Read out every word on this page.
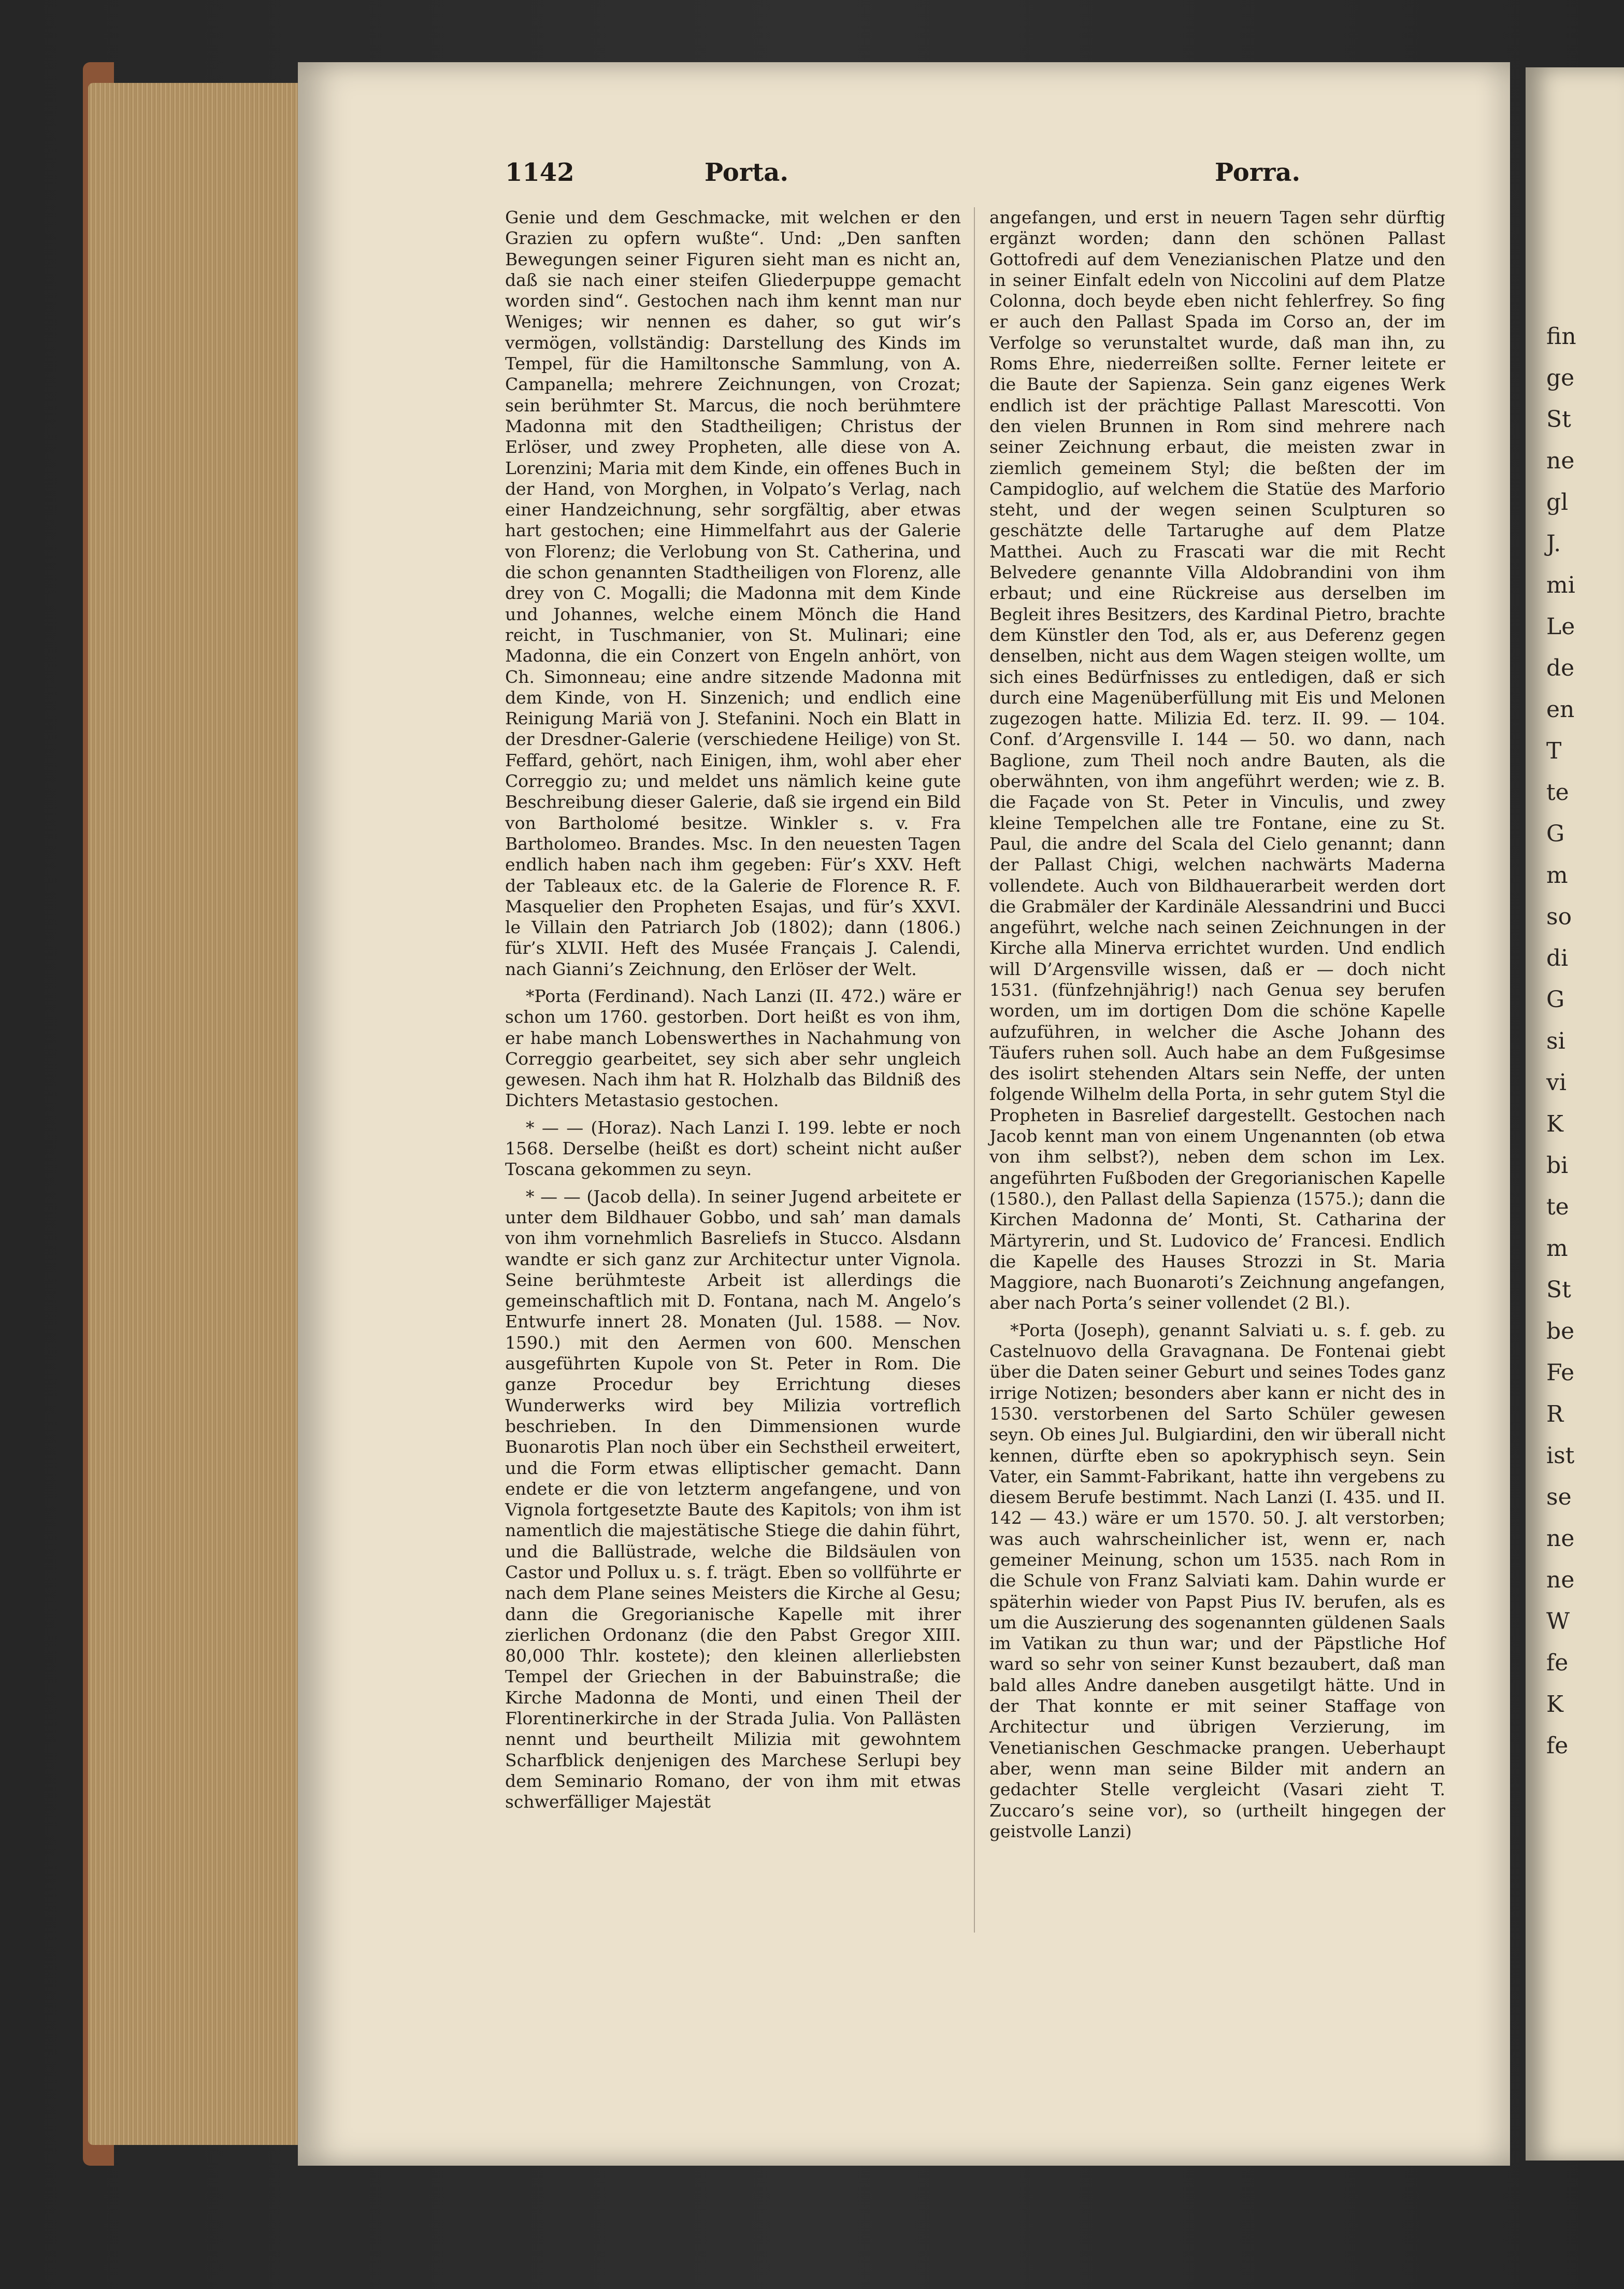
fin
ge
St
ne
gl
J.
mi
Le
de
en
T
te
G
m
so
di
G
si
vi
K
bi
te
m
St
be
Fe
R
ist
se
ne
ne
W
fe
K
fe
1142	Porta.	Porra.

Genie und dem Geschmacke, mit welchen er den Grazien zu opfern wußte“. Und: „Den sanften Bewegungen seiner Figuren sieht man es nicht an, daß sie nach einer steifen Gliederpuppe gemacht worden sind“. Gestochen nach ihm kennt man nur Weniges; wir nennen es daher, so gut wir’s vermögen, vollständig: Darstellung des Kinds im Tempel, für die Hamiltonsche Sammlung, von A. Campanella; mehrere Zeichnungen, von Crozat; sein berühmter St. Marcus, die noch berühmtere Madonna mit den Stadtheiligen; Christus der Erlöser, und zwey Propheten, alle diese von A. Lorenzini; Maria mit dem Kinde, ein offenes Buch in der Hand, von Morghen, in Volpato’s Verlag, nach einer Handzeichnung, sehr sorgfältig, aber etwas hart gestochen; eine Himmelfahrt aus der Galerie von Florenz; die Verlobung von St. Catherina, und die schon genannten Stadtheiligen von Florenz, alle drey von C. Mogalli; die Madonna mit dem Kinde und Johannes, welche einem Mönch die Hand reicht, in Tuschmanier, von St. Mulinari; eine Madonna, die ein Conzert von Engeln anhört, von Ch. Simonneau; eine andre sitzende Madonna mit dem Kinde, von H. Sinzenich; und endlich eine Reinigung Mariä von J. Stefanini. Noch ein Blatt in der Dresdner-Galerie (verschiedene Heilige) von St. Feffard, gehört, nach Einigen, ihm, wohl aber eher Correggio zu; und meldet uns nämlich keine gute Beschreibung dieser Galerie, daß sie irgend ein Bild von Bartholomé besitze. Winkler s. v. Fra Bartholomeo. Brandes. Msc. In den neuesten Tagen endlich haben nach ihm gegeben: Für’s XXV. Heft der Tableaux etc. de la Galerie de Florence R. F. Masquelier den Propheten Esajas, und für’s XXVI. le Villain den Patriarch Job (1802); dann (1806.) für’s XLVII. Heft des Musée Français J. Calendi, nach Gianni’s Zeichnung, den Erlöser der Welt.

*Porta (Ferdinand). Nach Lanzi (II. 472.) wäre er schon um 1760. gestorben. Dort heißt es von ihm, er habe manch Lobenswerthes in Nachahmung von Correggio gearbeitet, sey sich aber sehr ungleich gewesen. Nach ihm hat R. Holzhalb das Bildniß des Dichters Metastasio gestochen.

* — — (Horaz). Nach Lanzi I. 199. lebte er noch 1568. Derselbe (heißt es dort) scheint nicht außer Toscana gekommen zu seyn.

* — — (Jacob della). In seiner Jugend arbeitete er unter dem Bildhauer Gobbo, und sah’ man damals von ihm vornehmlich Basreliefs in Stucco. Alsdann wandte er sich ganz zur Architectur unter Vignola. Seine berühmteste Arbeit ist allerdings die gemeinschaftlich mit D. Fontana, nach M. Angelo’s Entwurfe innert 28. Monaten (Jul. 1588. — Nov. 1590.) mit den Aermen von 600. Menschen ausgeführten Kupole von St. Peter in Rom. Die ganze Procedur bey Errichtung dieses Wunderwerks wird bey Milizia vortreflich beschrieben. In den Dimmensionen wurde Buonarotis Plan noch über ein Sechstheil erweitert, und die Form etwas elliptischer gemacht. Dann endete er die von letzterm angefangene, und von Vignola fortgesetzte Baute des Kapitols; von ihm ist namentlich die majestätische Stiege die dahin führt, und die Ballüstrade, welche die Bildsäulen von Castor und Pollux u. s. f. trägt. Eben so vollführte er nach dem Plane seines Meisters die Kirche al Gesu; dann die Gregorianische Kapelle mit ihrer zierlichen Ordonanz (die den Pabst Gregor XIII. 80,000 Thlr. kostete); den kleinen allerliebsten Tempel der Griechen in der Babuinstraße; die Kirche Madonna de Monti, und einen Theil der Florentinerkirche in der Strada Julia. Von Pallästen nennt und beurtheilt Milizia mit gewohntem Scharfblick denjenigen des Marchese Serlupi bey dem Seminario Romano, der von ihm mit etwas schwerfälliger Majestät

angefangen, und erst in neuern Tagen sehr dürftig ergänzt worden; dann den schönen Pallast Gottofredi auf dem Venezianischen Platze und den in seiner Einfalt edeln von Niccolini auf dem Platze Colonna, doch beyde eben nicht fehlerfrey. So fing er auch den Pallast Spada im Corso an, der im Verfolge so verunstaltet wurde, daß man ihn, zu Roms Ehre, niederreißen sollte. Ferner leitete er die Baute der Sapienza. Sein ganz eigenes Werk endlich ist der prächtige Pallast Marescotti. Von den vielen Brunnen in Rom sind mehrere nach seiner Zeichnung erbaut, die meisten zwar in ziemlich gemeinem Styl; die beßten der im Campidoglio, auf welchem die Statüe des Marforio steht, und der wegen seinen Sculpturen so geschätzte delle Tartarughe auf dem Platze Matthei. Auch zu Frascati war die mit Recht Belvedere genannte Villa Aldobrandini von ihm erbaut; und eine Rückreise aus derselben im Begleit ihres Besitzers, des Kardinal Pietro, brachte dem Künstler den Tod, als er, aus Deferenz gegen denselben, nicht aus dem Wagen steigen wollte, um sich eines Bedürfnisses zu entledigen, daß er sich durch eine Magenüberfüllung mit Eis und Melonen zugezogen hatte. Milizia Ed. terz. II. 99. — 104. Conf. d’Argensville I. 144 — 50. wo dann, nach Baglione, zum Theil noch andre Bauten, als die oberwähnten, von ihm angeführt werden; wie z. B. die Façade von St. Peter in Vinculis, und zwey kleine Tempelchen alle tre Fontane, eine zu St. Paul, die andre del Scala del Cielo genannt; dann der Pallast Chigi, welchen nachwärts Maderna vollendete. Auch von Bildhauerarbeit werden dort die Grabmäler der Kardinäle Alessandrini und Bucci angeführt, welche nach seinen Zeichnungen in der Kirche alla Minerva errichtet wurden. Und endlich will D’Argensville wissen, daß er — doch nicht 1531. (fünfzehnjährig!) nach Genua sey berufen worden, um im dortigen Dom die schöne Kapelle aufzuführen, in welcher die Asche Johann des Täufers ruhen soll. Auch habe an dem Fußgesimse des isolirt stehenden Altars sein Neffe, der unten folgende Wilhelm della Porta, in sehr gutem Styl die Propheten in Basrelief dargestellt. Gestochen nach Jacob kennt man von einem Ungenannten (ob etwa von ihm selbst?), neben dem schon im Lex. angeführten Fußboden der Gregorianischen Kapelle (1580.), den Pallast della Sapienza (1575.); dann die Kirchen Madonna de’ Monti, St. Catharina der Märtyrerin, und St. Ludovico de’ Francesi. Endlich die Kapelle des Hauses Strozzi in St. Maria Maggiore, nach Buonaroti’s Zeichnung angefangen, aber nach Porta’s seiner vollendet (2 Bl.).

*Porta (Joseph), genannt Salviati u. s. f. geb. zu Castelnuovo della Gravagnana. De Fontenai giebt über die Daten seiner Geburt und seines Todes ganz irrige Notizen; besonders aber kann er nicht des in 1530. verstorbenen del Sarto Schüler gewesen seyn. Ob eines Jul. Bulgiardini, den wir überall nicht kennen, dürfte eben so apokryphisch seyn. Sein Vater, ein Sammt-Fabrikant, hatte ihn vergebens zu diesem Berufe bestimmt. Nach Lanzi (I. 435. und II. 142 — 43.) wäre er um 1570. 50. J. alt verstorben; was auch wahrscheinlicher ist, wenn er, nach gemeiner Meinung, schon um 1535. nach Rom in die Schule von Franz Salviati kam. Dahin wurde er späterhin wieder von Papst Pius IV. berufen, als es um die Auszierung des sogenannten güldenen Saals im Vatikan zu thun war; und der Päpstliche Hof ward so sehr von seiner Kunst bezaubert, daß man bald alles Andre daneben ausgetilgt hätte. Und in der That konnte er mit seiner Staffage von Architectur und übrigen Verzierung, im Venetianischen Geschmacke prangen. Ueberhaupt aber, wenn man seine Bilder mit andern an gedachter Stelle vergleicht (Vasari zieht T. Zuccaro’s seine vor), so (urtheilt hingegen der geistvolle Lanzi)
